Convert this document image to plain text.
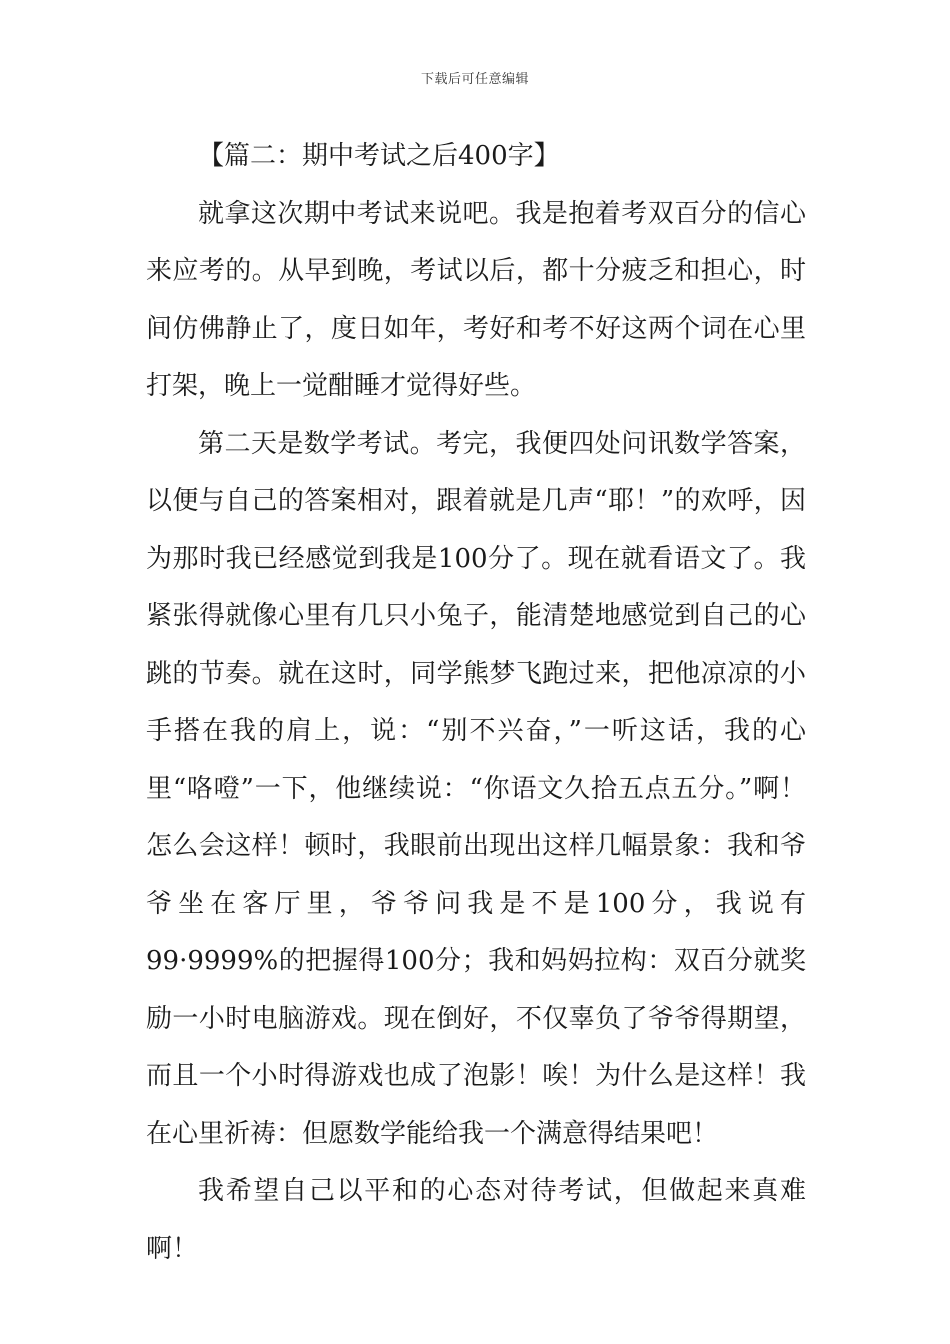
下载后可任意编辑

【篇二：期中考试之后400字】

就拿这次期中考试来说吧。我是抱着考双百分的信心来应考的。从早到晚，考试以后，都十分疲乏和担心，时间仿佛静止了，度日如年，考好和考不好这两个词在心里打架，晚上一觉酣睡才觉得好些。

第二天是数学考试。考完，我便四处问讯数学答案，以便与自己的答案相对，跟着就是几声“耶！”的欢呼，因为那时我已经感觉到我是100分了。现在就看语文了。我紧张得就像心里有几只小兔子，能清楚地感觉到自己的心跳的节奏。就在这时，同学熊梦飞跑过来，把他凉凉的小手搭在我的肩上，说：“别不兴奋，”一听这话，我的心里“咯噔”一下，他继续说：“你语文久拾五点五分。”啊！怎么会这样！顿时，我眼前出现出这样几幅景象：我和爷爷坐在客厅里，爷爷问我是不是100分，我说有99·9999%的把握得100分；我和妈妈拉构：双百分就奖励一小时电脑游戏。现在倒好，不仅辜负了爷爷得期望，而且一个小时得游戏也成了泡影！唉！为什么是这样！我在心里祈祷：但愿数学能给我一个满意得结果吧！

我希望自己以平和的心态对待考试，但做起来真难啊！
